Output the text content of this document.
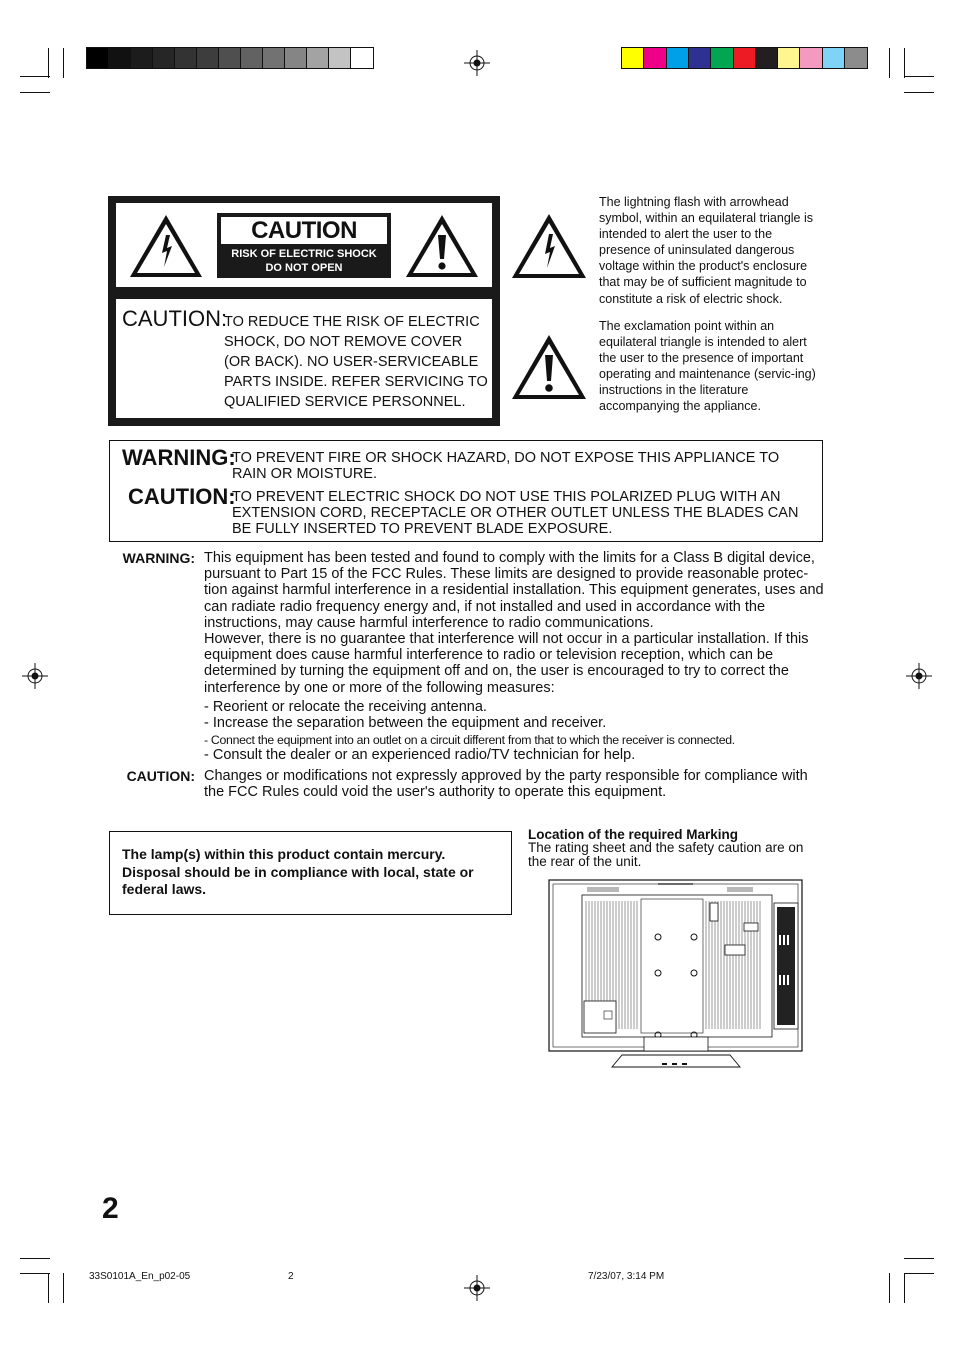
CAUTION
RISK OF ELECTRIC SHOCK
DO NOT OPEN
CAUTION:
TO REDUCE THE RISK OF ELECTRIC SHOCK, DO NOT REMOVE COVER (OR BACK). NO USER-SERVICEABLE PARTS INSIDE. REFER SERVICING TO QUALIFIED SERVICE PERSONNEL.
The lightning flash with arrowhead symbol, within an equilateral triangle is intended to alert the user to the presence of uninsulated dangerous voltage within the product's enclosure that may be of sufficient magnitude to constitute a risk of electric shock.
The exclamation point within an equilateral triangle is intended to alert the user to the presence of important operating and maintenance (servic-ing) instructions in the literature accompanying the appliance.
WARNING:
TO PREVENT FIRE OR SHOCK HAZARD, DO NOT EXPOSE THIS APPLIANCE TO RAIN OR MOISTURE.
CAUTION:
TO PREVENT ELECTRIC SHOCK DO NOT USE THIS POLARIZED PLUG WITH AN EXTENSION CORD, RECEPTACLE OR OTHER OUTLET UNLESS THE BLADES CAN BE FULLY INSERTED TO PREVENT BLADE EXPOSURE.
WARNING: This equipment has been tested and found to comply with the limits for a Class B digital device, pursuant to Part 15 of the FCC Rules. These limits are designed to provide reasonable protec-tion against harmful interference in a residential installation. This equipment generates, uses and can radiate radio frequency energy and, if not installed and used in accordance with the instructions, may cause harmful interference to radio communications.
However, there is no guarantee that interference will not occur in a particular installation. If this equipment does cause harmful interference to radio or television reception, which can be determined by turning the equipment off and on, the user is encouraged to try to correct the interference by one or more of the following measures:
- Reorient or relocate the receiving antenna.
- Increase the separation between the equipment and receiver.
- Connect the equipment into an outlet on a circuit different from that to which the receiver is connected.
- Consult the dealer or an experienced radio/TV technician for help.
CAUTION: Changes or modifications not expressly approved by the party responsible for compliance with the FCC Rules could void the user's authority to operate this equipment.
The lamp(s) within this product contain mercury. Disposal should be in compliance with local, state or federal laws.
Location of the required Marking
The rating sheet and the safety caution are on the rear of the unit.
2
33S0101A_En_p02-05	2	7/23/07, 3:14 PM
